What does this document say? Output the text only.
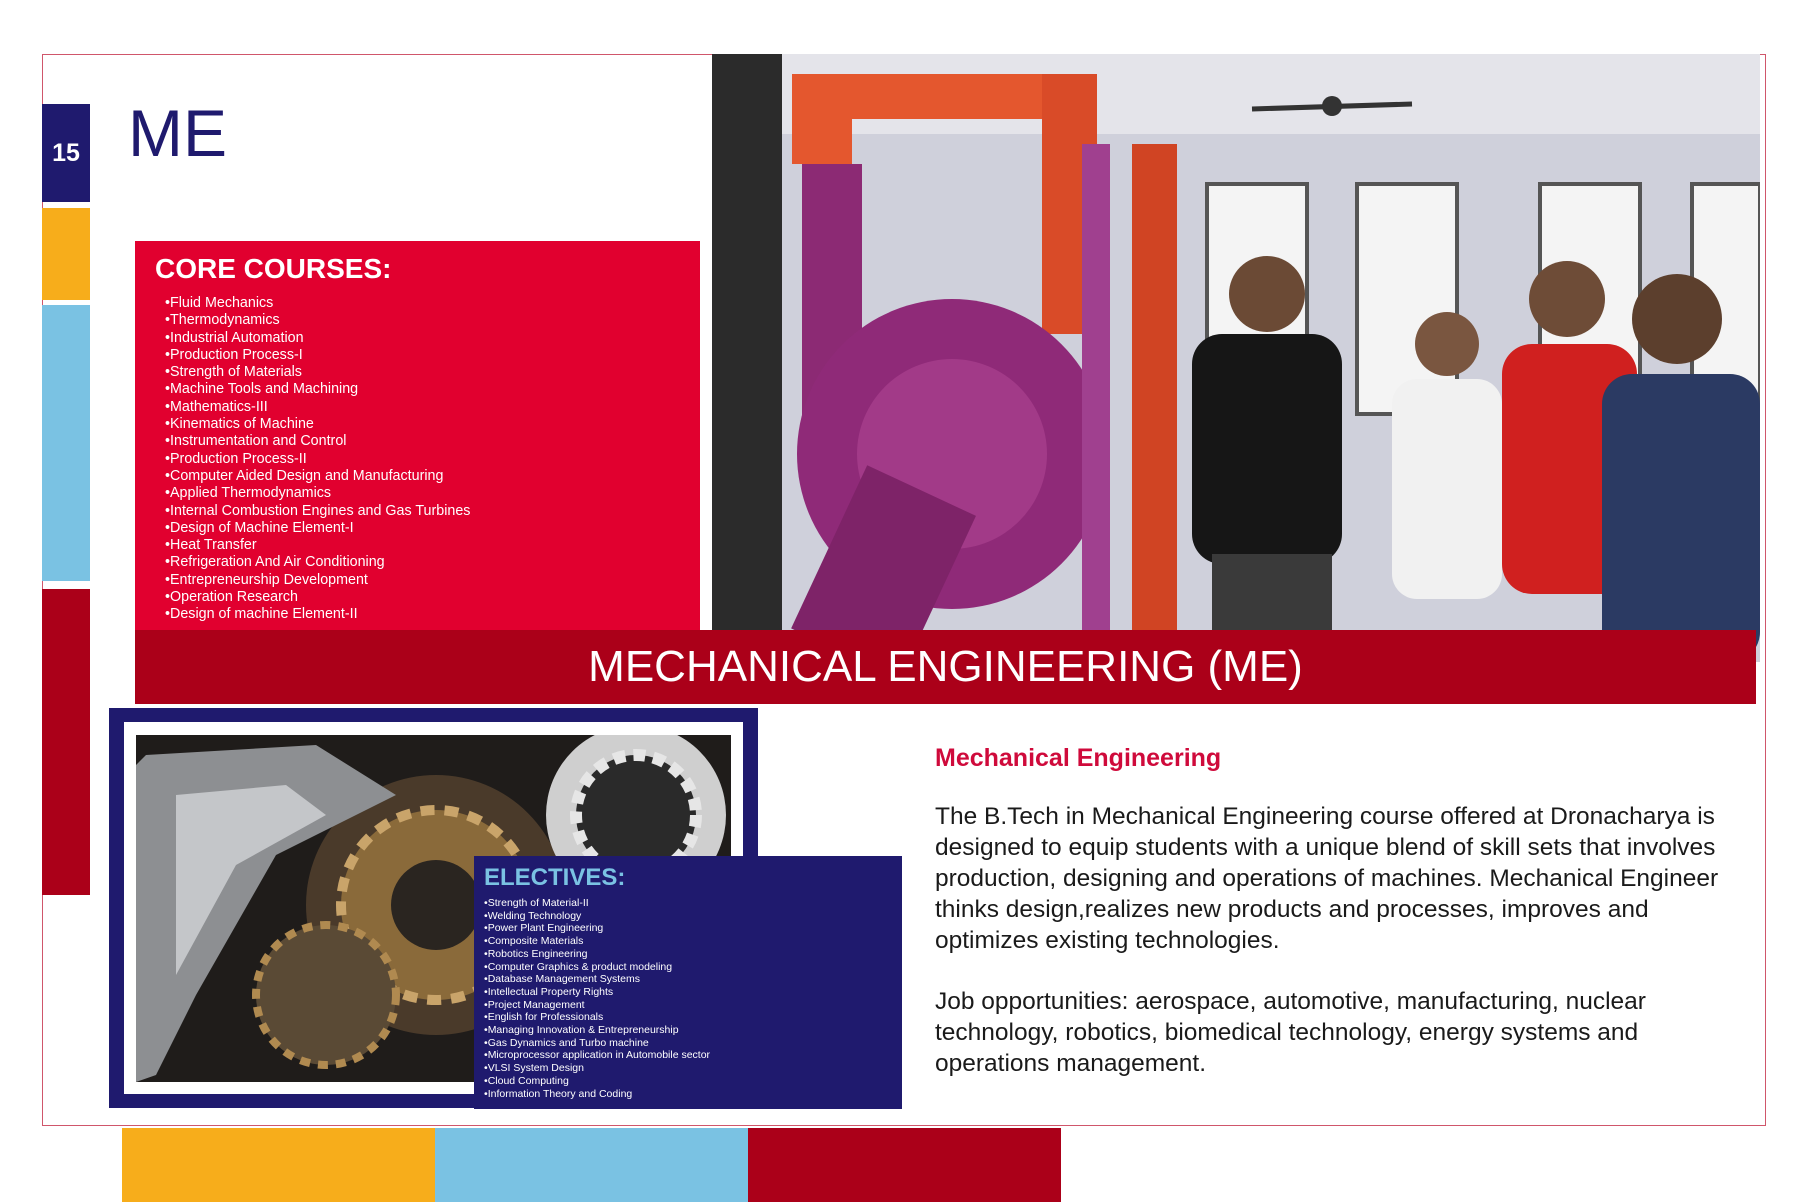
15 ME
CORE COURSES:
• Fluid Mechanics
• Thermodynamics
• Industrial Automation
• Production Process-I
• Strength of Materials
• Machine Tools and Machining
• Mathematics-III
• Kinematics of Machine
• Instrumentation and Control
• Production Process-II
• Computer Aided Design and Manufacturing
• Applied Thermodynamics
• Internal Combustion Engines and Gas Turbines
• Design of Machine Element-I
• Heat Transfer
• Refrigeration And Air Conditioning
• Entrepreneurship Development
• Operation Research
• Design of machine Element-II
MECHANICAL ENGINEERING (ME)
ELECTIVES:
• Strength of Material-II
• Welding Technology
• Power Plant Engineering
• Composite Materials
• Robotics Engineering
• Computer Graphics & product modeling
• Database Management Systems
• Intellectual Property Rights
• Project Management
• English for Professionals
• Managing Innovation & Entrepreneurship
• Gas Dynamics and Turbo machine
• Microprocessor application in Automobile sector
• VLSI System Design
• Cloud Computing
• Information Theory and Coding
Mechanical Engineering

The B.Tech in Mechanical Engineering course offered at Dronacharya is designed to equip students with a unique blend of skill sets that involves production, designing and operations of machines. Mechanical Engineer thinks design,realizes new products and processes, improves and optimizes existing technologies.

Job opportunities: aerospace, automotive, manufacturing, nuclear technology, robotics, biomedical technology, energy systems and operations management.
